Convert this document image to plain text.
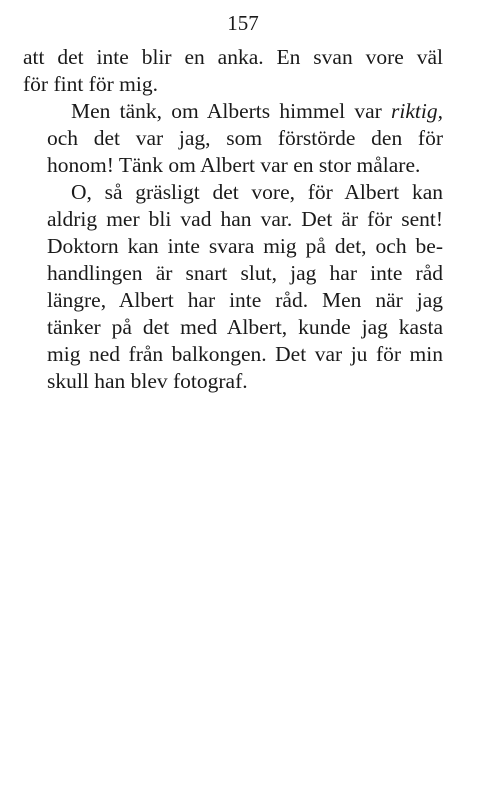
157
att det inte blir en anka. En svan vore väl
för fint för mig.
Men tänk, om Alberts himmel var riktig,
och det var jag, som förstörde den för
honom! Tänk om Albert var en stor målare.
O, så gräsligt det vore, för Albert kan
aldrig mer bli vad han var. Det är för sent!
Doktorn kan inte svara mig på det, och be-
handlingen är snart slut, jag har inte råd
längre, Albert har inte råd. Men när jag
tänker på det med Albert, kunde jag kasta
mig ned från balkongen. Det var ju för min
skull han blev fotograf.
